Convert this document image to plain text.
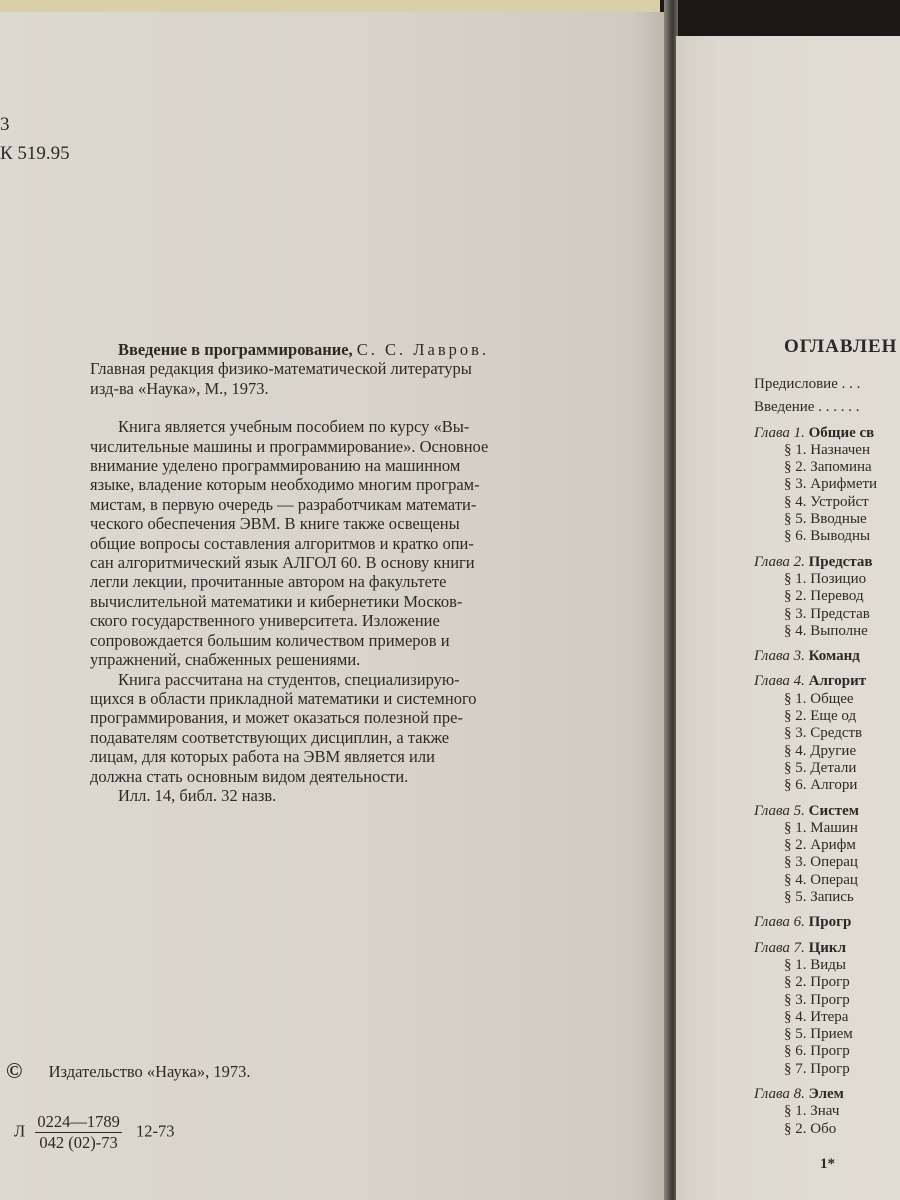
3
К 519.95

Введение в программирование, С. С. Лавров.

Главная редакция физико-математической литературы

изд-ва «Наука», М., 1973.

Книга является учебным пособием по курсу «Вы-

числительные машины и программирование». Основное

внимание уделено программированию на машинном

языке, владение которым необходимо многим програм-

мистам, в первую очередь — разработчикам математи-

ческого обеспечения ЭВМ. В книге также освещены

общие вопросы составления алгоритмов и кратко опи-

сан алгоритмический язык АЛГОЛ 60. В основу книги

легли лекции, прочитанные автором на факультете

вычислительной математики и кибернетики Москов-

ского государственного университета. Изложение

сопровождается большим количеством примеров и

упражнений, снабженных решениями.

Книга рассчитана на студентов, специализирую-

щихся в области прикладной математики и системного

программирования, и может оказаться полезной пре-

подавателям соответствующих дисциплин, а также

лицам, для которых работа на ЭВМ является или

должна стать основным видом деятельности.

Илл. 14, библ. 32 назв.

© Издательство «Наука», 1973.
Л $\frac{0224—1789}{042 (02)-73} 12-73$
ОГЛАВЛЕН
Предисловие . . .
Введение . . . . . .
Глава 1. Общие св
§ 1. Назначен
§ 2. Запомина
§ 3. Арифмети
§ 4. Устройст
§ 5. Вводные
§ 6. Выводны
Глава 2. Представ
§ 1. Позицио
§ 2. Перевод
§ 3. Представ
§ 4. Выполне
Глава 3. Команд
Глава 4. Алгорит
§ 1. Общее
§ 2. Еще од
§ 3. Средств
§ 4. Другие
§ 5. Детали
§ 6. Алгори
Глава 5. Систем
§ 1. Машин
§ 2. Арифм
§ 3. Операц
§ 4. Операц
§ 5. Запись
Глава 6. Прогр
Глава 7. Цикл
§ 1. Виды
§ 2. Прогр
§ 3. Прогр
§ 4. Итера
§ 5. Прием
§ 6. Прогр
§ 7. Прогр
Глава 8. Элем
§ 1. Знач
§ 2. Обо
1*
